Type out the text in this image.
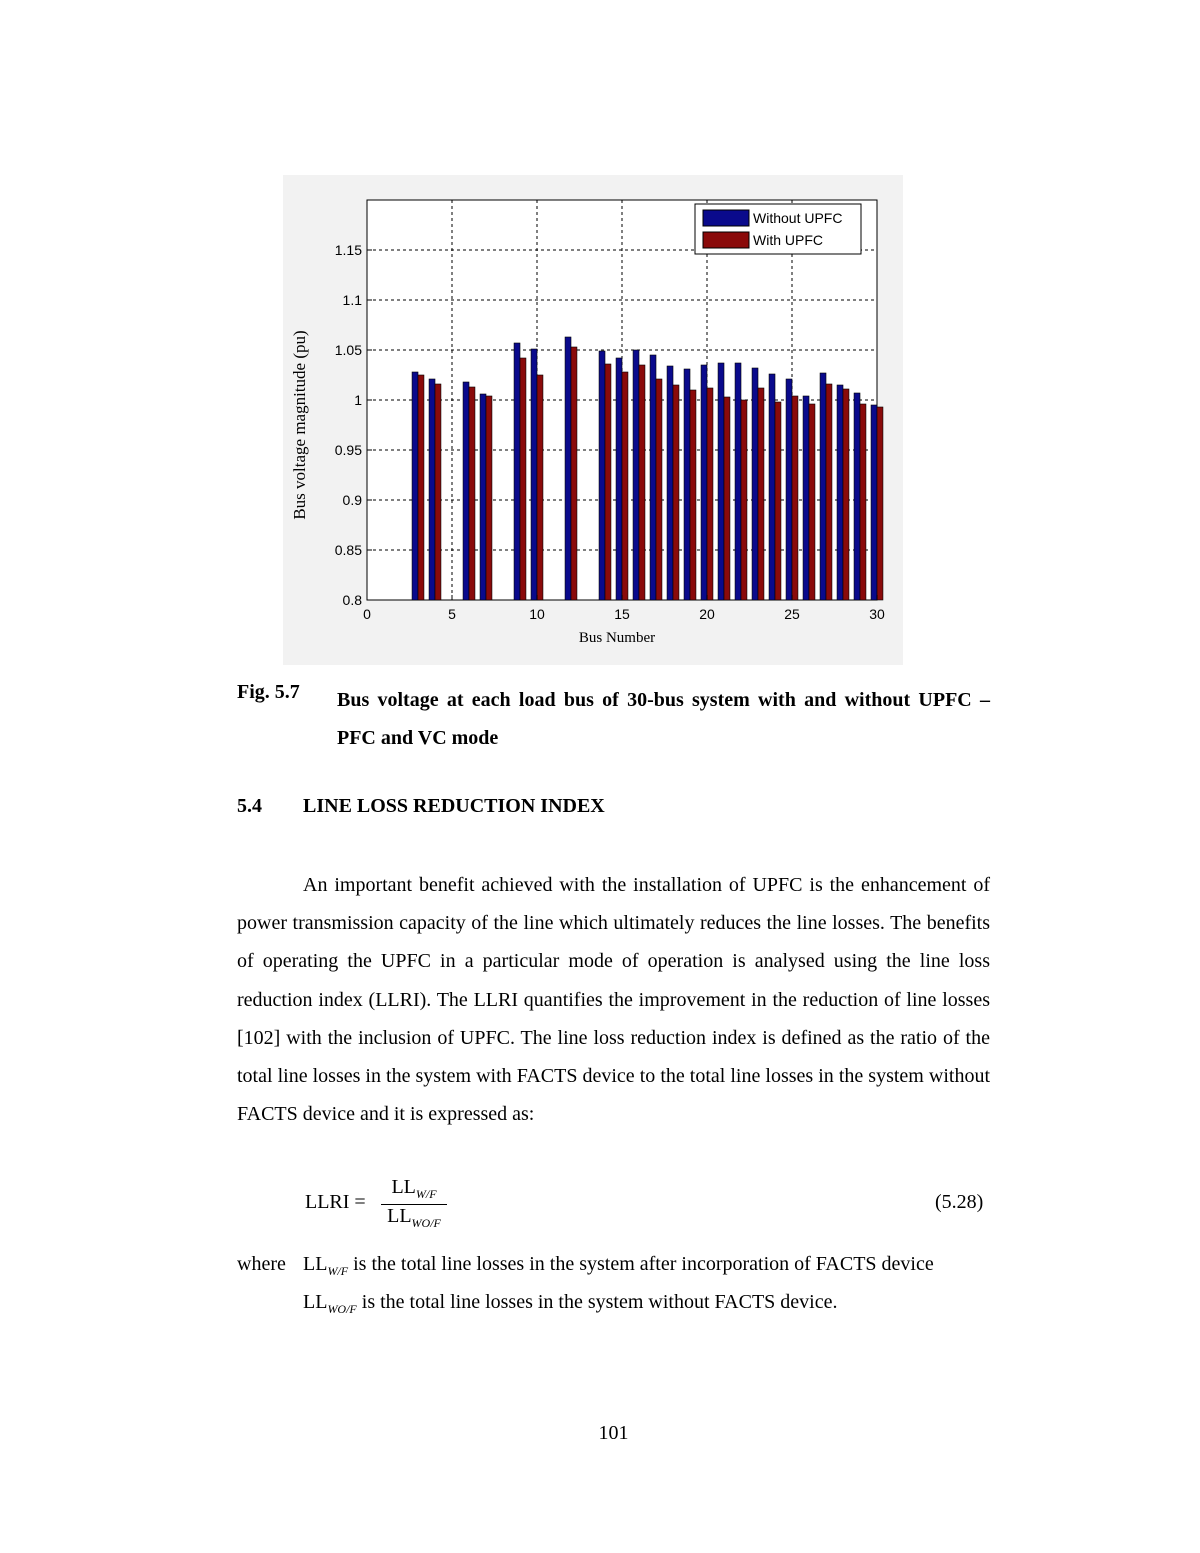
0	5	10	15	20	25	30
0.8
0.85
0.9
0.95
1
1.05
1.1
1.15
Bus Number
Bus voltage magnitude (pu)
Without UPFC
With UPFC
Fig. 5.7 Bus voltage at each load bus of 30-bus system with and without UPFC – PFC and VC mode
5.4 LINE LOSS REDUCTION INDEX
An important benefit achieved with the installation of UPFC is the enhancement of power transmission capacity of the line which ultimately reduces the line losses. The benefits of operating the UPFC in a particular mode of operation is analysed using the line loss reduction index (LLRI). The LLRI quantifies the improvement in the reduction of line losses [102] with the inclusion of UPFC. The line loss reduction index is defined as the ratio of the total line losses in the system with FACTS device to the total line losses in the system without FACTS device and it is expressed as:
LLRI =
$LL_{W/F}$
$LL_{WO/F}$
(5.28)
where $LL_{W/F}$ is the total line losses in the system after incorporation of FACTS device
$LL_{WO/F}$ is the total line losses in the system without FACTS device.
101
